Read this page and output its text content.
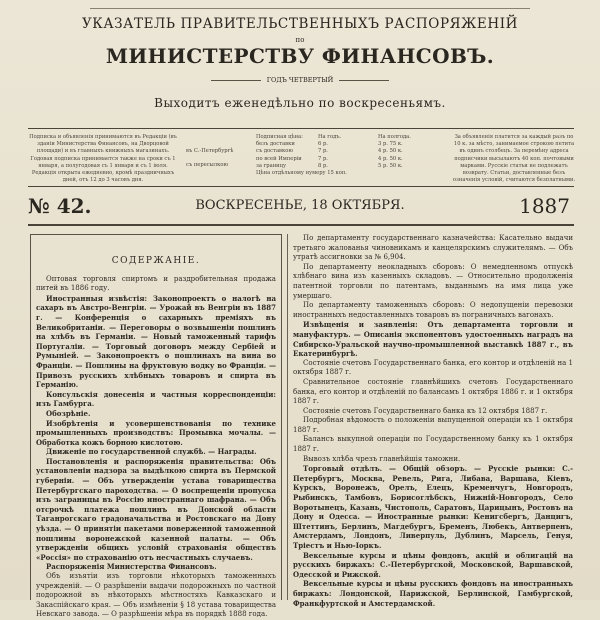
УКАЗАТЕЛЬ ПРАВИТЕЛЬСТВЕННЫХЪ РАСПОРЯЖЕНІЙ
по
МИНИСТЕРСТВУ ФИНАНСОВЪ.
ГОДЪ ЧЕТВЕРТЫЙ
Выходитъ еженедѣльно по воскресеньямъ.
Подписка и объявленія принимаются въ Редакціи (въ зданіи Министерства Финансовъ, на Дворцовой площади) и въ главныхъ книжныхъ магазинахъ. Годовая подписка принимается также на сроки съ 1 января, а полугодовая съ 1 января и съ 1 іюля. Редакція открыта ежедневно, кромѣ праздничныхъ дней, отъ 12 до 3 часовъ дня.
въ С.-Петербургѣ
съ пересылкою
Подписная цѣна:	На годъ.	На полгода.
безъ доставки	6 р.	3 р. 75 к.
съ доставкою	7 р.	4 р. 50 к.
по всей Имперіи	7 р.	4 р. 50 к.
за границу	8 р.	5 р. 50 к.
Цѣна отдѣльному нумеру 15 коп.
За объявленія платится за каждый разъ по 10 к. за мѣсто, занимаемое строкою петита въ одинъ столбецъ. За перемѣну адреса подписчики высылаютъ 40 коп. почтовыми марками. Русскіе статьи не подлежатъ возврату. Статьи, доставленные безъ означенія условій, считаются безплатными.
№ 42.	ВОСКРЕСЕНЬЕ, 18 ОКТЯБРЯ.	1887
СОДЕРЖАНІЕ.

Оптовая торговля спиртомъ и раздробительная продажа питей въ 1886 году.

Иностранныя извѣстія: Законопроектъ о налогѣ на сахаръ въ Австро-Венгріи. — Урожай въ Венгріи въ 1887 г. — Конференція о сахарныхъ преміяхъ въ Великобританіи. — Переговоры о возвышеніи пошлинъ на хлѣбъ въ Германіи. — Новый таможенный тарифъ Португаліи. — Торговый договоръ между Сербіей и Румыніей. — Законопроектъ о пошлинахъ на вина во Франціи. — Пошлины на фруктовую водку во Франціи. — Привозъ русскихъ хлѣбныхъ товаровъ и спирта въ Германію.

Консульскія донесенія и частныя корреспонденціи: изъ Гамбурга.

Обозрѣніе.

Изобрѣтенія и усовершенствованія по технике промышленныхъ производствъ: Промывка мочалы. — Обработка кожъ борною кислотою.

Движеніе по государственной службѣ. — Награды.

Постановленія и распоряженія правительства: Объ установленіи надзора за выдѣлкою спирта въ Пермской губерніи. — Объ утвержденіи устава товарищества Петербургскаго пароходства. — О воспрещеніи пропуска изъ заграницы въ Россію иностраннаго шафрана. — Объ отсрочкѣ платежа пошлинъ въ Донской области Таганрогскаго градоначальства и Ростовскаго на Дону уѣзда. — О принятіи пакетами поверженной таможенной пошлины воронежской казенной палаты. — Объ утвержденіи общихъ условій страхованія обществъ «Россія» по страхованію отъ несчастныхъ случаевъ.

Распоряженія Министерства Финансовъ.

Объ изъятіи изъ торговли нѣкоторыхъ таможенныхъ учрежденій. — О разрѣшеніи выдачи подорожныхъ по частной подорожной въ нѣкоторыхъ мѣстностяхъ Кавказскаго и Закаспійскаго края. — Объ измѣненіи § 18 устава товарищества Невскаго завода. — О разрѣшеніи мѣра въ порядкѣ 1888 года.

По департаменту государственнаго казначейства: Касательно выдачи третьяго жалованья чиновникамъ и канцелярскимъ служителямъ. — Объ утратѣ ассигновки за № 6,904.

По департаменту неокладныхъ сборовъ: О немедленномъ отпускѣ хлѣбнаго вина изъ казенныхъ складовъ. — Относительно продолженія патентной торговли по патентамъ, выданнымъ на имя лица уже умершаго.

По департаменту таможенныхъ сборовъ: О недопущеніи перевозки иностранныхъ недоставленныхъ товаровъ въ пограничныхъ вагонахъ.

Извѣщенія и заявленія: Отъ департамента торговли и мануфактуръ. — Описанія экспонентовъ удостоенныхъ наградъ на Сибирско-Уральской научно-промышленной выставкѣ 1887 г., въ Екатеринбургѣ.

Состояніе счетовъ Государственнаго банка, его контор и отдѣленій на 1 октября 1887 г.

Сравнительное состояніе главнѣйшихъ счетовъ Государственнаго банка, его контор и отдѣленій по балансамъ 1 октября 1886 г. и 1 октября 1887 г.

Состояніе счетовъ Государственнаго банка къ 12 октября 1887 г.

Подробная вѣдомость о положеніи выпущенной операціи къ 1 октября 1887 г.

Балансъ выкупной операціи по Государственному банку къ 1 октября 1887 г.

Вывозъ хлѣба чрезъ главнѣйшія таможни.

Торговый отдѣлъ. — Общій обзоръ. — Русскіе рынки: С.-Петербургъ, Москва, Ревель, Рига, Либава, Варшава, Кіевъ, Курскъ, Воронежъ, Орелъ, Елецъ, Кременчугъ, Новгородъ, Рыбинскъ, Тамбовъ, Борисоглѣбскъ, Нижній-Новгородъ, Село Воротынецъ, Казань, Чистополь, Саратовъ, Царицынъ, Ростовъ на Дону и Одесса. — Иностранные рынки: Кенигсбергъ, Данцигъ, Штеттинъ, Берлинъ, Магдебургъ, Бременъ, Любекъ, Антверпенъ, Амстердамъ, Лондонъ, Ливерпуль, Дублинъ, Марсель, Генуя, Тріестъ и Нью-Іоркъ.

Вексельные курсы и цѣны фондовъ, акцій и облигацій на русскихъ биржахъ: С.-Петербургской, Московской, Варшавской, Одесской и Рижской.

Вексельные курсы и цѣны русскихъ фондовъ на иностранныхъ биржахъ: Лондонской, Парижской, Берлинской, Гамбургской, Франкфуртской и Амстердамской.
